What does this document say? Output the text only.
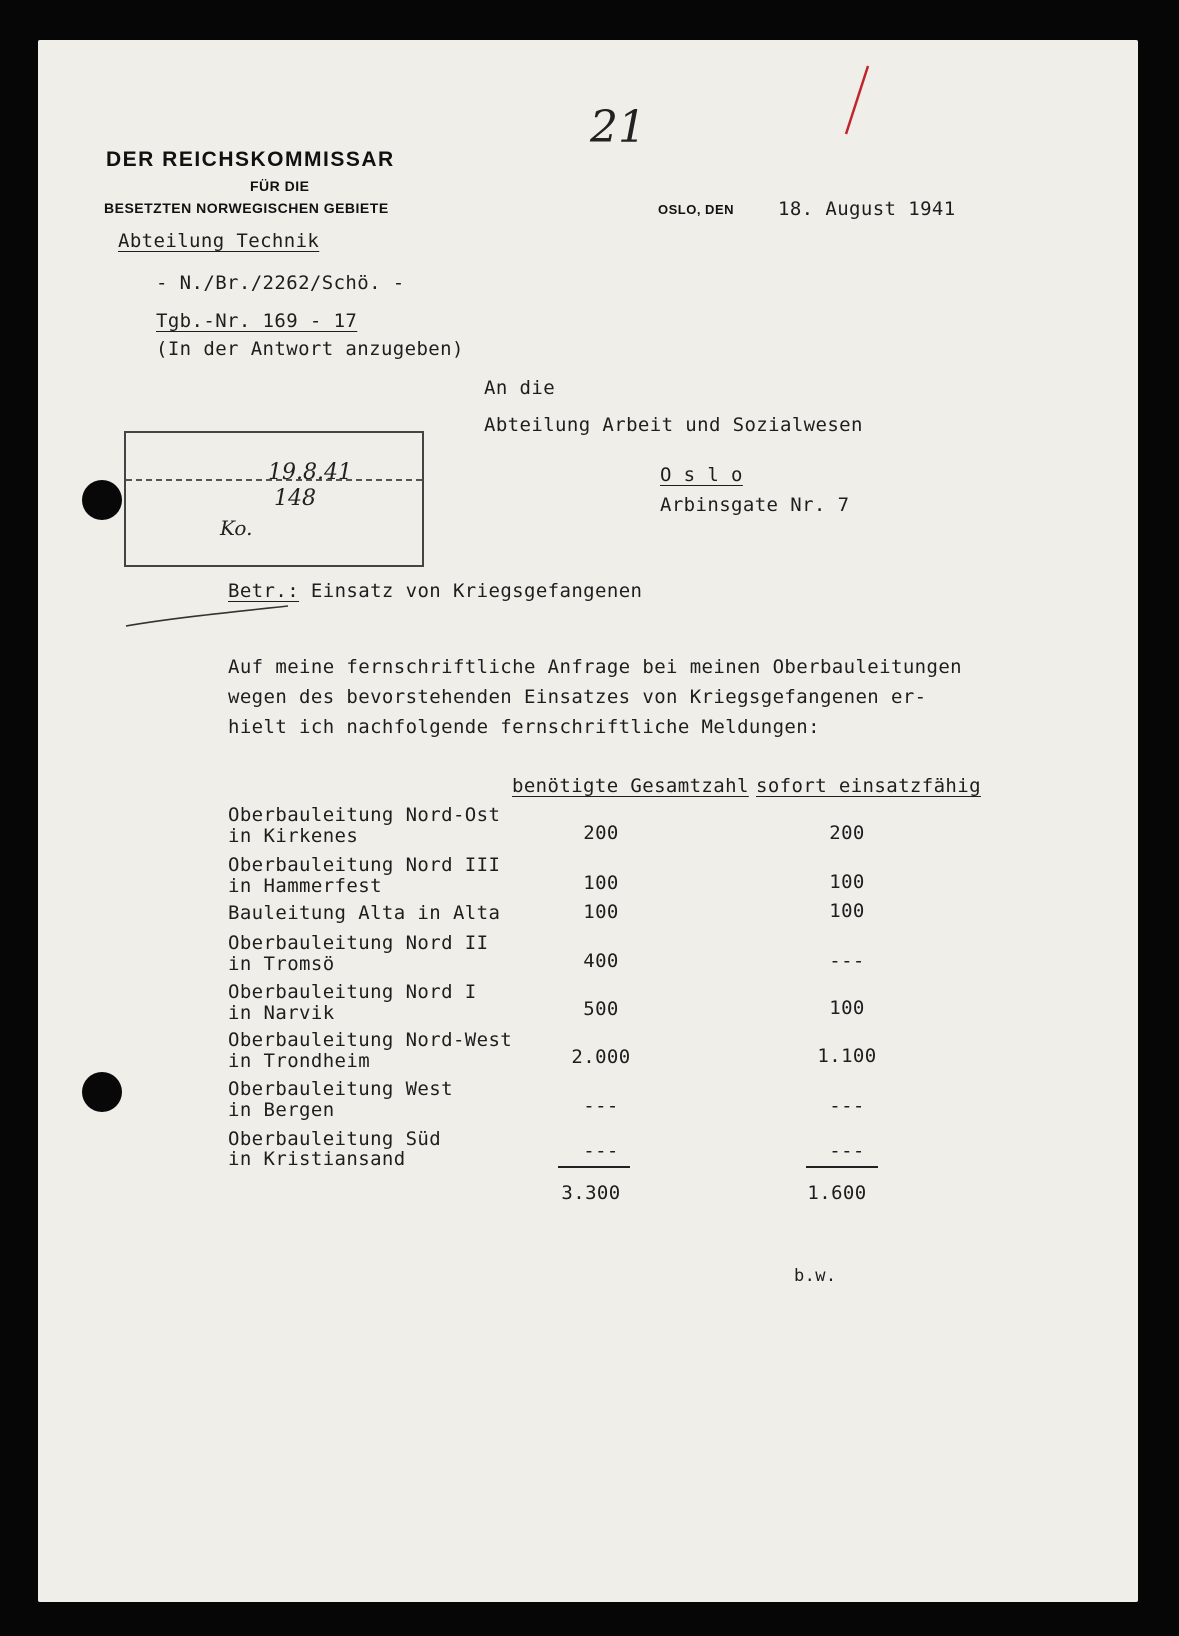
21
DER REICHSKOMMISSAR
FÜR DIE
BESETZTEN NORWEGISCHEN GEBIETE	OSLO, DEN 18. August 1941
Abteilung Technik
- N./Br./2262/Schö. -
Tgb.-Nr. 169 - 17
(In der Antwort anzugeben)
An die
Abteilung Arbeit und Sozialwesen
O s l o
Arbinsgate Nr. 7
19.8.41
148
Ko.
Betr.: Einsatz von Kriegsgefangenen
Auf meine fernschriftliche Anfrage bei meinen Oberbauleitungen
wegen des bevorstehenden Einsatzes von Kriegsgefangenen er-
hielt ich nachfolgende fernschriftliche Meldungen:
benötigte Gesamtzahl sofort einsatzfähig
Oberbauleitung Nord-Ost
in Kirkenes	200	200
Oberbauleitung Nord III
in Hammerfest	100	100
Bauleitung Alta in Alta	100	100
Oberbauleitung Nord II
in Tromsö	400	---
Oberbauleitung Nord I
in Narvik	500	100
Oberbauleitung Nord-West
in Trondheim	2.000	1.100
Oberbauleitung West
in Bergen	---	---
Oberbauleitung Süd
in Kristiansand	---	---
3.300	1.600
b.w.
